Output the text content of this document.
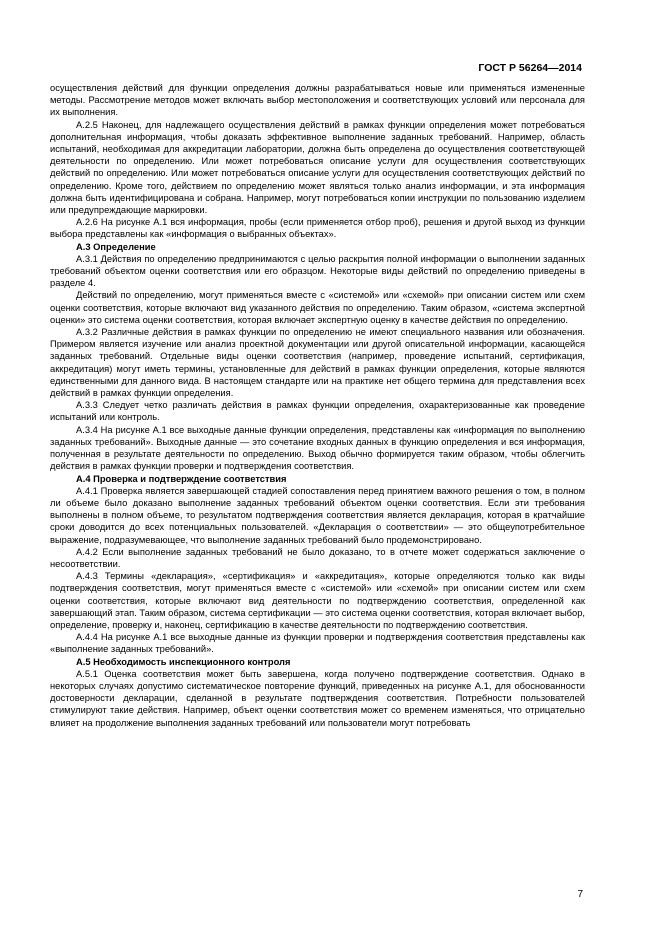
ГОСТ Р 56264—2014

осуществления действий для функции определения должны разрабатываться новые или применяться измененные методы. Рассмотрение методов может включать выбор местоположения и соответствующих условий или персонала для их выполнения.

А.2.5 Наконец, для надлежащего осуществления действий в рамках функции определения может потребоваться дополнительная информация, чтобы доказать эффективное выполнение заданных требований. Например, область испытаний, необходимая для аккредитации лаборатории, должна быть определена до осуществления соответствующей деятельности по определению. Или может потребоваться описание услуги для осуществления соответствующих действий по определению. Или может потребоваться описание услуги для осуществления соответствующих действий по определению. Кроме того, действием по определению может являться только анализ информации, и эта информация должна быть идентифицирована и собрана. Например, могут потребоваться копии инструкции по пользованию изделием или предупреждающие маркировки.

А.2.6 На рисунке А.1 вся информация, пробы (если применяется отбор проб), решения и другой выход из функции выбора представлены как «информация о выбранных объектах».

А.3 Определение

А.3.1 Действия по определению предпринимаются с целью раскрытия полной информации о выполнении заданных требований объектом оценки соответствия или его образцом. Некоторые виды действий по определению приведены в разделе 4.

Действий по определению, могут применяться вместе с «системой» или «схемой» при описании систем или схем оценки соответствия, которые включают вид указанного действия по определению. Таким образом, «система экспертной оценки» это система оценки соответствия, которая включает экспертную оценку в качестве действия по определению.

А.3.2 Различные действия в рамках функции по определению не имеют специального названия или обозначения. Примером является изучение или анализ проектной документации или другой описательной информации, касающейся заданных требований. Отдельные виды оценки соответствия (например, проведение испытаний, сертификация, аккредитация) могут иметь термины, установленные для действий в рамках функции определения, которые являются единственными для данного вида. В настоящем стандарте или на практике нет общего термина для представления всех действий в рамках функции определения.

А.3.3 Следует четко различать действия в рамках функции определения, охарактеризованные как проведение испытаний или контроль.

А.3.4 На рисунке А.1 все выходные данные функции определения, представлены как «информация по выполнению заданных требований». Выходные данные — это сочетание входных данных в функцию определения и вся информация, полученная в результате деятельности по определению. Выход обычно формируется таким образом, чтобы облегчить действия в рамках функции проверки и подтверждения соответствия.

А.4 Проверка и подтверждение соответствия

А.4.1 Проверка является завершающей стадией сопоставления перед принятием важного решения о том, в полном ли объеме было доказано выполнение заданных требований объектом оценки соответствия. Если эти требования выполнены в полном объеме, то результатом подтверждения соответствия является декларация, которая в кратчайшие сроки доводится до всех потенциальных пользователей. «Декларация о соответствии» — это общеупотребительное выражение, подразумевающее, что выполнение заданных требований было продемонстрировано.

А.4.2 Если выполнение заданных требований не было доказано, то в отчете может содержаться заключение о несоответствии.

А.4.3 Термины «декларация», «сертификация» и «аккредитация», которые определяются только как виды подтверждения соответствия, могут применяться вместе с «системой» или «схемой» при описании систем или схем оценки соответствия, которые включают вид деятельности по подтверждению соответствия, определенной как завершающий этап. Таким образом, система сертификации — это система оценки соответствия, которая включает выбор, определение, проверку и, наконец, сертификацию в качестве деятельности по подтверждению соответствия.

А.4.4 На рисунке А.1 все выходные данные из функции проверки и подтверждения соответствия представлены как «выполнение заданных требований».

А.5 Необходимость инспекционного контроля

А.5.1 Оценка соответствия может быть завершена, когда получено подтверждение соответствия. Однако в некоторых случаях допустимо систематическое повторение функций, приведенных на рисунке А.1, для обоснованности достоверности декларации, сделанной в результате подтверждения соответствия. Потребности пользователей стимулируют такие действия. Например, объект оценки соответствия может со временем изменяться, что отрицательно влияет на продолжение выполнения заданных требований или пользователи могут потребовать

7
